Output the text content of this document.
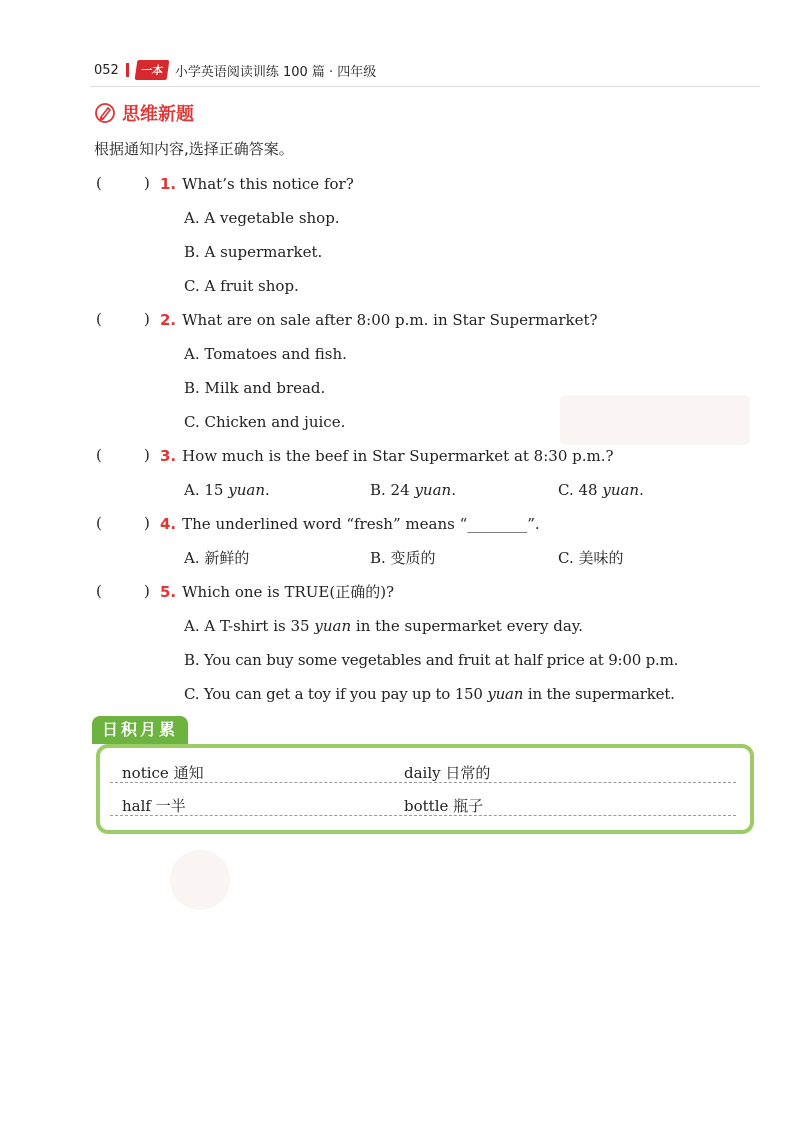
052	一本 小学英语阅读训练 100 篇 · 四年级
思维新题
根据通知内容,选择正确答案。
(	) 1. What’s this notice for?
A. A vegetable shop.
B. A supermarket.
C. A fruit shop.
(	) 2. What are on sale after 8:00 p.m. in Star Supermarket?
A. Tomatoes and fish.
B. Milk and bread.
C. Chicken and juice.
(	) 3. How much is the beef in Star Supermarket at 8:30 p.m.?
A. 15 yuan.	B. 24 yuan.	C. 48 yuan.
(	) 4. The underlined word “fresh” means “________”.
A. 新鲜的	B. 变质的	C. 美味的
(	) 5. Which one is TRUE(正确的)?
A. A T-shirt is 35 yuan in the supermarket every day.
B. You can buy some vegetables and fruit at half price at 9:00 p.m.
C. You can get a toy if you pay up to 150 yuan in the supermarket.
日积月累
notice 通知	daily 日常的
half 一半	bottle 瓶子
